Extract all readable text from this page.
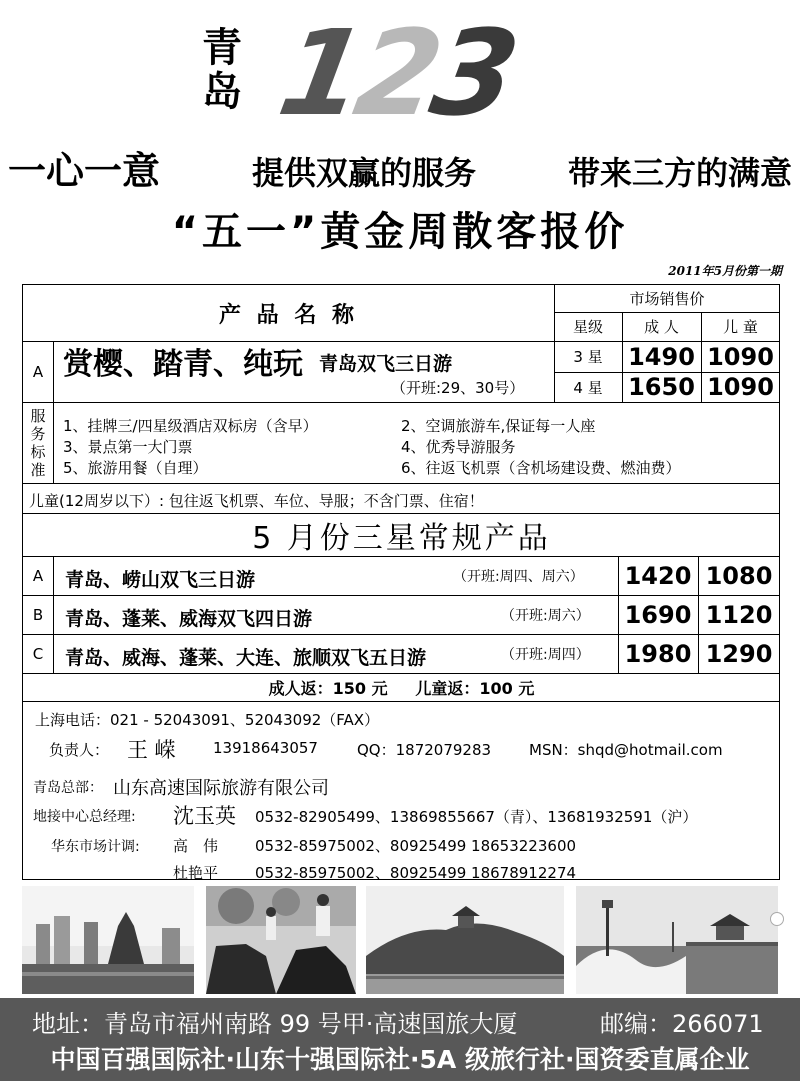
青
岛 123
一心一意	提供双赢的服务	带来三方的满意
“五一”黄金周散客报价
2011年5月份第一期
产 品 名 称
市场销售价
星级	成 人	儿 童
A 赏樱、踏青、纯玩 青岛双飞三日游
（开班:29、30号）
3 星	1490 1090
4 星	1650 1090
服
务
标
准
1、挂牌三/四星级酒店双标房（含早）	2、空调旅游车,保证每一人座
3、景点第一大门票	4、优秀导游服务
5、旅游用餐（自理）	6、往返飞机票（含机场建设费、燃油费）
儿童(12周岁以下）: 包往返飞机票、车位、导服；不含门票、住宿！
5 月份三星常规产品
A	青岛、崂山双飞三日游	（开班:周四、周六） 1420 1080
B	青岛、蓬莱、威海双飞四日游	（开班:周六） 1690 1120
C	青岛、威海、蓬莱、大连、旅顺双飞五日游	（开班:周四） 1980 1290
成人返：150 元     儿童返：100 元
上海电话：021 - 52043091、52043092（FAX）
负责人： 王 嵘 13918643057	QQ：1872079283	MSN：shqd@hotmail.com
青岛总部： 山东高速国际旅游有限公司
地接中心总经理: 沈玉英 0532-82905499、13869855667（青）、13681932591（沪）
华东市场计调: 高　伟 0532-85975002、80925499 18653223600
杜艳平 0532-85975002、80925499 18678912274
地址：青岛市福州南路 99 号甲·高速国旅大厦	邮编：266071
中国百强国际社·山东十强国际社·5A 级旅行社·国资委直属企业
